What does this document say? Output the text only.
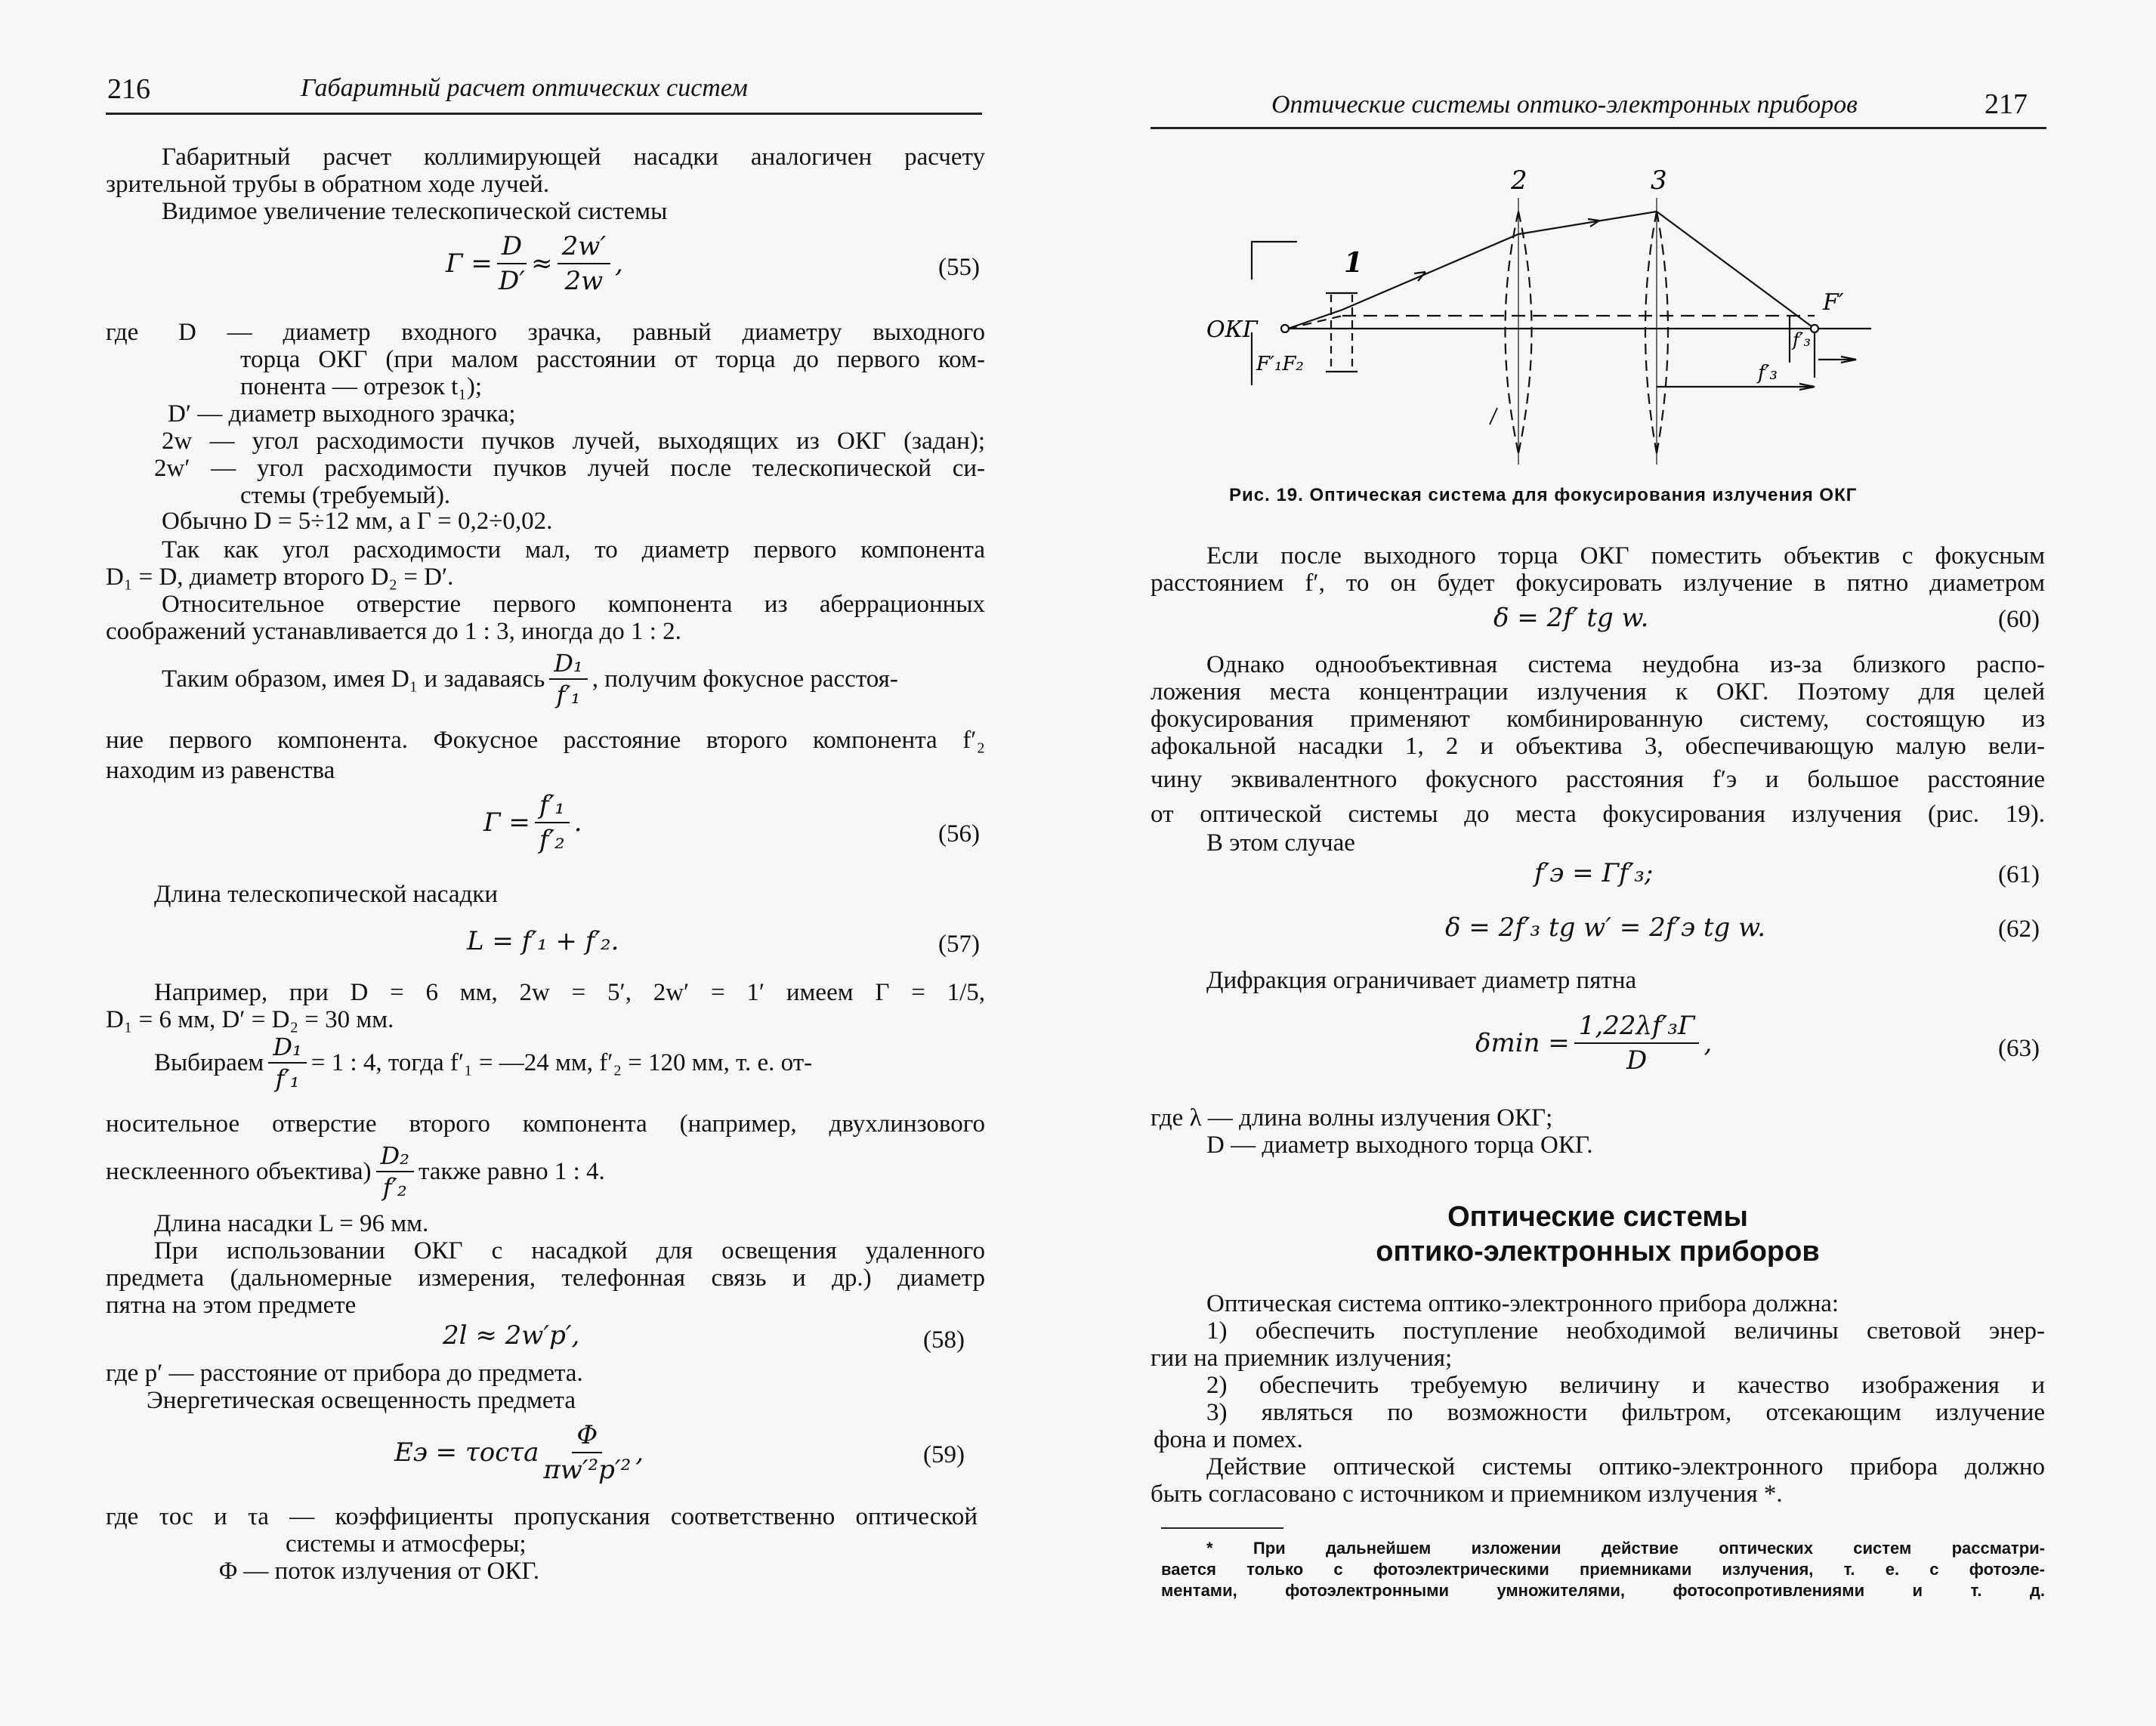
216	Габаритный расчет оптических систем
Габаритный расчет коллимирующей насадки аналогичен расчету
зрительной трубы в обратном ходе лучей.
Видимое увеличение телескопической системы
$Г = \frac{D}{D'} \approx \frac{2w'}{2w}$ ,	(55)
где D — диаметр входного зрачка, равный диаметру выходного
торца ОКГ (при малом расстоянии от торца до первого ком-
понента — отрезок t₁);
D′ — диаметр выходного зрачка;
2w — угол расходимости пучков лучей, выходящих из ОКГ (задан);
2w′ — угол расходимости пучков лучей после телескопической си-
стемы (требуемый).
Обычно D = 5÷12 мм, а Г = 0,2÷0,02.
Так как угол расходимости мал, то диаметр первого компонента
D₁ = D, диаметр второго D₂ = D′.
Относительное отверстие первого компонента из аберрационных
соображений устанавливается до 1 : 3, иногда до 1 : 2.
Таким образом, имея D₁ и задаваясь $\frac{\text{D₁}}{\text{f′₁}}$ , получим фокусное расстоя-
ние первого компонента. Фокусное расстояние второго компонента f′₂
находим из равенства
$Г = \frac{\text{f′₁}}{\text{f′₂}}$ .	(56)
Длина телескопической насадки
L = f′₁ + f′₂.	(57)
Например, при D = 6 мм, 2w = 5′, 2w′ = 1′ имеем Г = 1/5,
D₁ = 6 мм, D′ = D₂ = 30 мм.
Выбираем $\frac{\text{D₁}}{\text{f′₁}} = 1$ : 4, тогда f′₁ = —24 мм, f′₂ = 120 мм, т. е. от-
носительное отверстие второго компонента (например, двухлинзового
несклеенного объектива) $\frac{\text{D₂}}{\text{f′₂}}$ также равно 1 : 4.
Длина насадки L = 96 мм.
При использовании ОКГ с насадкой для освещения удаленного
предмета (дальномерные измерения, телефонная связь и др.) диаметр
пятна на этом предмете
2l ≈ 2w′p′,	(58)
где p′ — расстояние от прибора до предмета.
Энергетическая освещенность предмета
Eэ = τосτа $\frac{\Phi}{\text{πw′²p′²}}$ ,	(59)
где τос и τа — коэффициенты пропускания соответственно оптической
системы и атмосферы;
Φ — поток излучения от ОКГ.
Оптические системы оптико-электронных приборов	217
1
2	3
ОКГ
F′₁F₂
F′
f′₃
f′₃
Рис. 19. Оптическая система для фокусирования излучения ОКГ
Если после выходного торца ОКГ поместить объектив с фокусным
расстоянием f′, то он будет фокусировать излучение в пятно диаметром
δ = 2f′ tg w.	(60)
Однако однообъективная система неудобна из-за близкого распо-
ложения места концентрации излучения к ОКГ. Поэтому для целей
фокусирования применяют комбинированную систему, состоящую из
афокальной насадки 1, 2 и объектива 3, обеспечивающую малую вели-
чину эквивалентного фокусного расстояния f′э и большое расстояние
от оптической системы до места фокусирования излучения (рис. 19).
В этом случае
f′э = Гf′₃;	(61)
δ = 2f′₃ tg w′ = 2f′э tg w.	(62)
Дифракция ограничивает диаметр пятна
$\delta\min = \frac{\text{1,22λf′₃Г}}{D}$ ,	(63)
где λ — длина волны излучения ОКГ;
D — диаметр выходного торца ОКГ.
Оптические системы
оптико-электронных приборов
Оптическая система оптико-электронного прибора должна:
1) обеспечить поступление необходимой величины световой энер-
гии на приемник излучения;
2) обеспечить требуемую величину и качество изображения и
3) являться по возможности фильтром, отсекающим излучение
фона и помех.
Действие оптической системы оптико-электронного прибора должно
быть согласовано с источником и приемником излучения *.
* При дальнейшем изложении действие оптических систем рассматри-
вается только с фотоэлектрическими приемниками излучения, т. е. с фотоэле-
ментами, фотоэлектронными умножителями, фотосопротивлениями и т. д.
